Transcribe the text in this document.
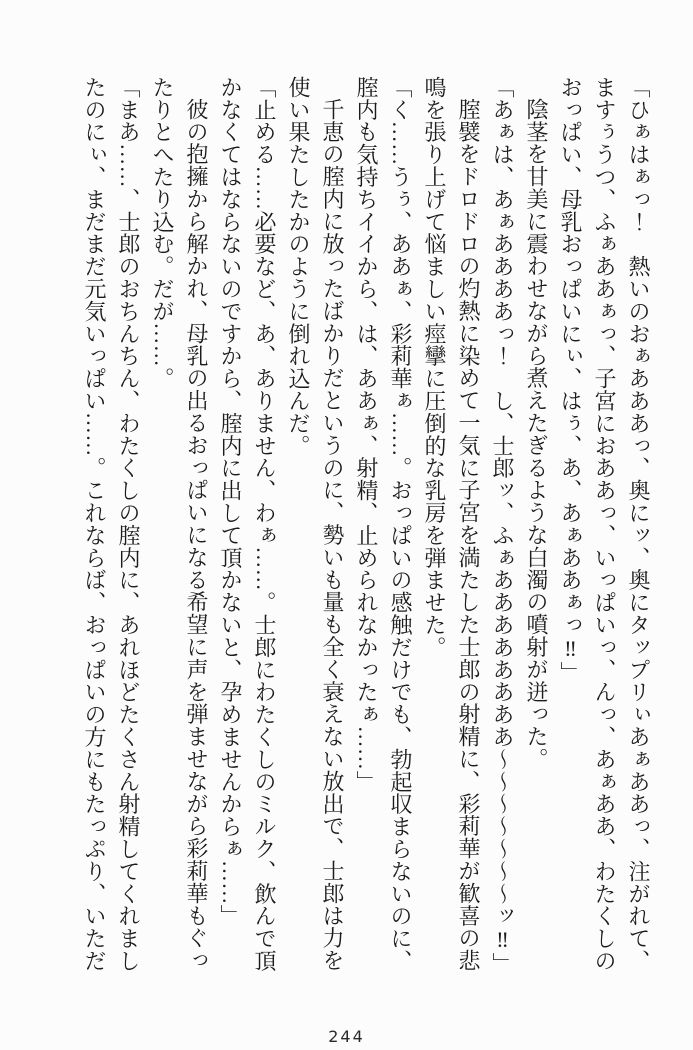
「ひぁはぁっ！　熱いのおぁあああっ、奥にッ、奥にタップリぃあぁああっ、注がれて、ますぅうつ、ふぁああぁっ、子宮におああっ、いっぱいっ、んっ、あぁああ、わたくしのおっぱい、母乳おっぱいにぃ、はぅ、あ、あぁああぁっ‼」

陰茎を甘美に震わせながら煮えたぎるような白濁の噴射が迸った。

「あぁは、あぁああああっ！　し、士郎ッ、ふぁああああああああ～～～～～～～ッ‼」

腟襞をドロドロの灼熱に染めて一気に子宮を満たした士郎の射精に、彩莉華が歓喜の悲鳴を張り上げて悩ましい痙攣に圧倒的な乳房を弾ませた。

「く……うぅ、ああぁ、彩莉華ぁ……。おっぱいの感触だけでも、勃起収まらないのに、腟内も気持ちイイから、は、ああぁ、射精、止められなかったぁ……」

千恵の腟内に放ったばかりだというのに、勢いも量も全く衰えない放出で、士郎は力を使い果たしたかのように倒れ込んだ。

「止める……必要など、あ、ありません、わぁ……。士郎にわたくしのミルク、飲んで頂かなくてはならないのですから、腟内に出して頂かないと、孕めませんからぁ……」

彼の抱擁から解かれ、母乳の出るおっぱいになる希望に声を弾ませながら彩莉華もぐったりとへたり込む。だが……。

「まあ……、士郎のおちんちん、わたくしの腟内に、あれほどたくさん射精してくれましたのにぃ、まだまだ元気いっぱい……。これならば、おっぱいの方にもたっぷり、いただ

244
